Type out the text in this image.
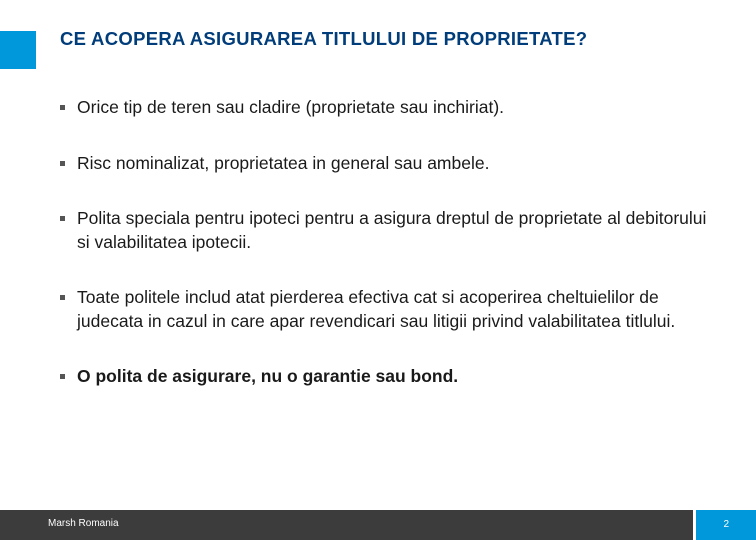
CE ACOPERA ASIGURAREA TITLULUI DE PROPRIETATE?
Orice tip de teren sau cladire (proprietate sau inchiriat).
Risc nominalizat, proprietatea in general sau ambele.
Polita speciala pentru ipoteci pentru a asigura dreptul de proprietate al debitorului si valabilitatea ipotecii.
Toate politele includ atat pierderea efectiva cat si acoperirea cheltuielilor de judecata in cazul in care apar revendicari sau litigii privind valabilitatea titlului.
O polita de asigurare, nu o garantie sau bond.
Marsh Romania	2
